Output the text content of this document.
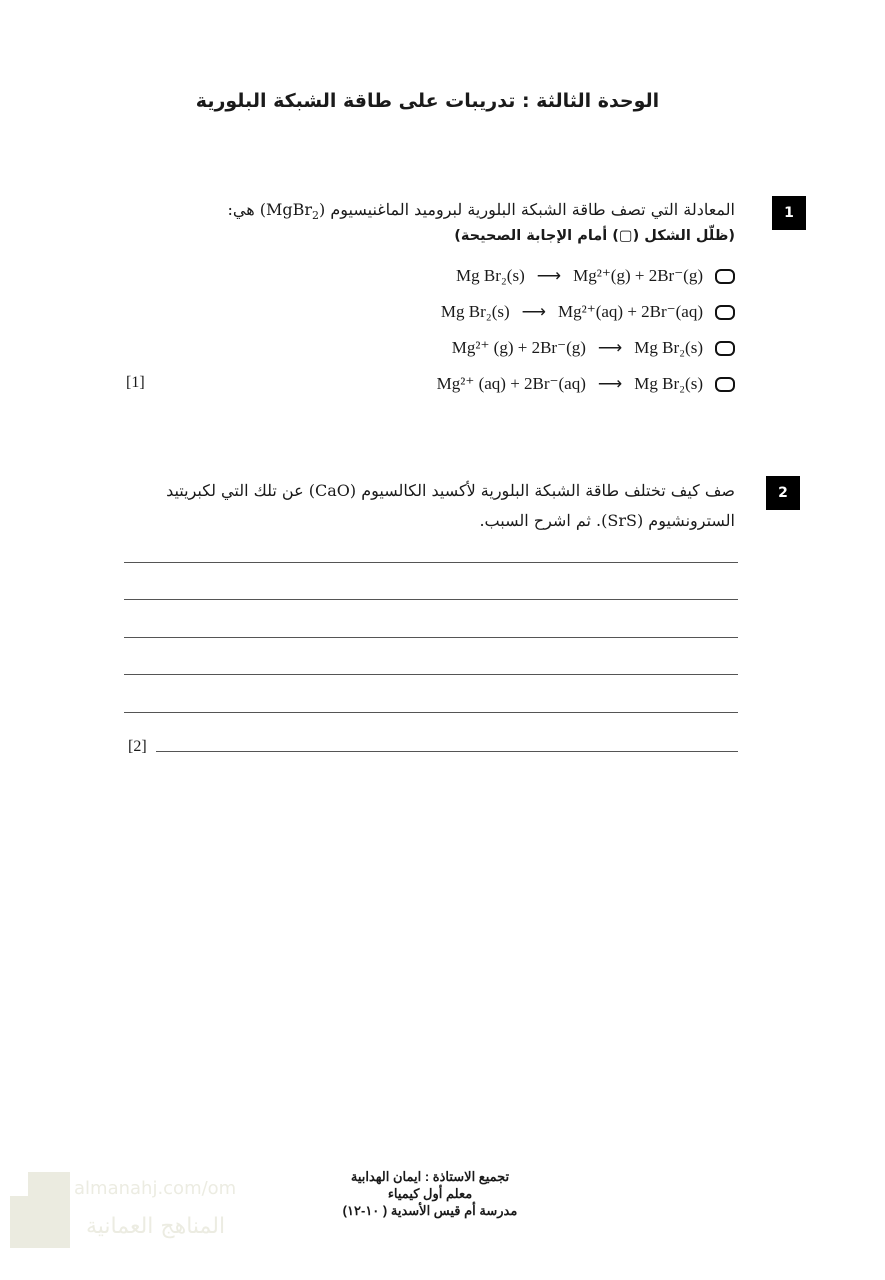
almanahj.com/om
المناهج العمانية
الوحدة الثالثة : تدريبات على طاقة الشبكة البلورية
1
المعادلة التي تصف طاقة الشبكة البلورية لبروميد الماغنيسيوم (MgBr$_2$) هي:
(ظلّل الشكل (▢) أمام الإجابة الصحيحة)
Mg Br₂(s) ⟶ Mg²⁺(g) + 2Br⁻(g)
Mg Br₂(s) ⟶ Mg²⁺(aq) + 2Br⁻(aq)
Mg²⁺ (g) + 2Br⁻(g) ⟶ Mg Br₂(s)
Mg²⁺ (aq) + 2Br⁻(aq) ⟶ Mg Br₂(s)
[1]
2
صف كيف تختلف طاقة الشبكة البلورية لأكسيد الكالسيوم (CaO) عن تلك التي لكبريتيد
السترونشيوم (SrS). ثم اشرح السبب.
[2]
تجميع الاستاذة : ايمان الهدابية
معلم أول كيمياء
مدرسة أم قيس الأسدية ( ١٠-١٢)
